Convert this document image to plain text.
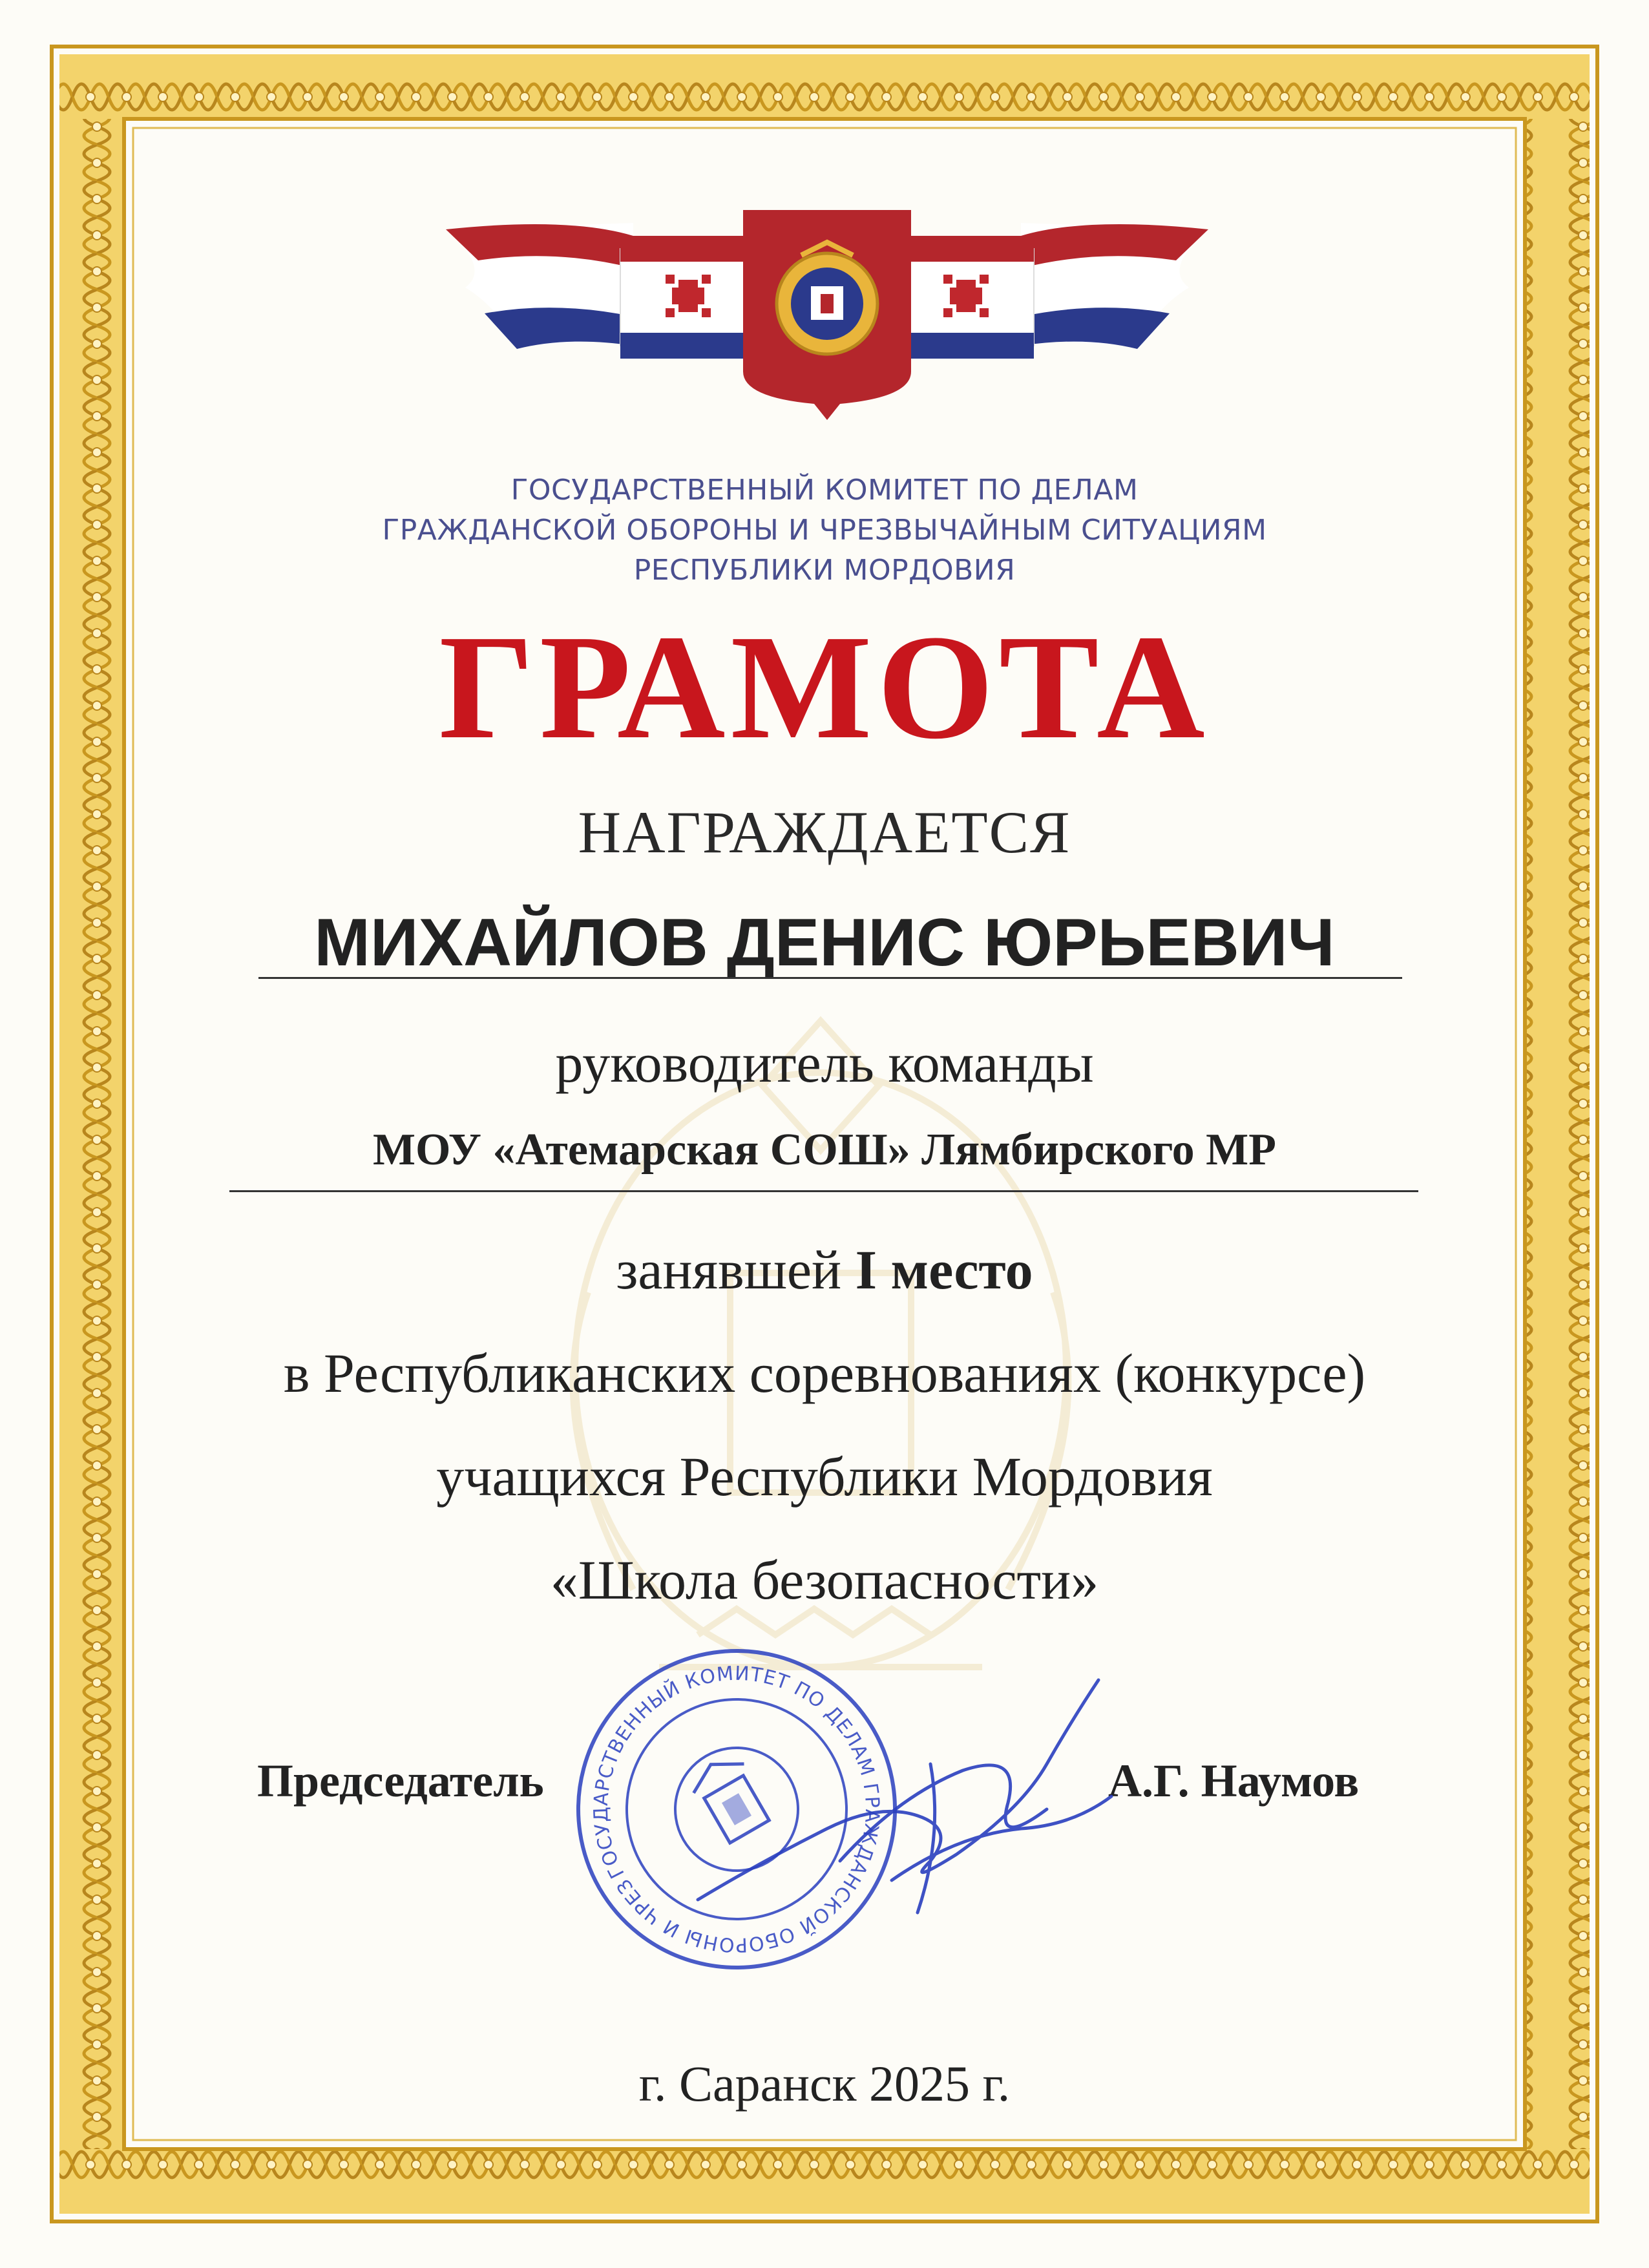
ГОСУДАРСТВЕННЫЙ КОМИТЕТ ПО ДЕЛАМ
ГРАЖДАНСКОЙ ОБОРОНЫ И ЧРЕЗВЫЧАЙНЫМ СИТУАЦИЯМ
РЕСПУБЛИКИ МОРДОВИЯ
ГРАМОТА
НАГРАЖДАЕТСЯ
МИХАЙЛОВ ДЕНИС ЮРЬЕВИЧ
руководитель команды
МОУ «Атемарская СОШ» Лямбирского МР
занявшей I место
в Республиканских соревнованиях (конкурсе)
учащихся Республики Мордовия
«Школа безопасности»
Председатель	А.Г. Наумов
ГОСУДАРСТВЕННЫЙ КОМИТЕТ ПО ДЕЛАМ ГРАЖДАНСКОЙ ОБОРОНЫ И ЧРЕЗВЫЧАЙНЫМ
г. Саранск 2025 г.
